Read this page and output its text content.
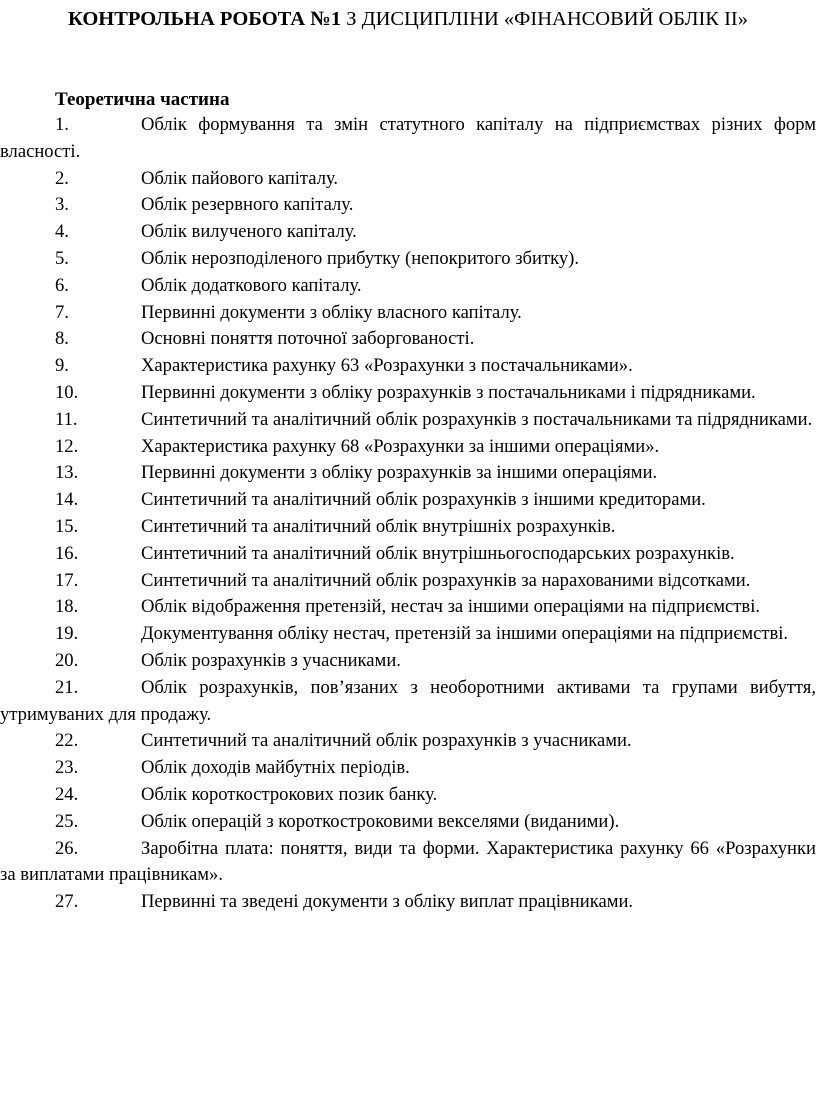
КОНТРОЛЬНА РОБОТА №1 З ДИСЦИПЛІНИ «ФІНАНСОВИЙ ОБЛІК ІІ»
Теоретична частина
1.	Облік формування та змін статутного капіталу на підприємствах різних форм власності.
2.	Облік пайового капіталу.
3.	Облік резервного капіталу.
4.	Облік вилученого капіталу.
5.	Облік нерозподіленого прибутку (непокритого збитку).
6.	Облік додаткового капіталу.
7.	Первинні документи з обліку власного капіталу.
8.	Основні поняття поточної заборгованості.
9.	Характеристика рахунку 63 «Розрахунки з постачальниками».
10.	Первинні документи з обліку розрахунків з постачальниками і підрядниками.
11.	Синтетичний та аналітичний облік розрахунків з постачальниками та підрядниками.
12.	Характеристика рахунку 68 «Розрахунки за іншими операціями».
13.	Первинні документи з обліку розрахунків за іншими операціями.
14.	Синтетичний та аналітичний облік розрахунків з іншими кредиторами.
15.	Синтетичний та аналітичний облік внутрішніх розрахунків.
16.	Синтетичний та аналітичний облік внутрішньогосподарських розрахунків.
17.	Синтетичний та аналітичний облік розрахунків за нарахованими відсотками.
18.	Облік відображення претензій, нестач за іншими операціями на підприємстві.
19.	Документування обліку нестач, претензій за іншими операціями на підприємстві.
20.	Облік розрахунків з учасниками.
21.	Облік розрахунків, пов’язаних з необоротними активами та групами вибуття, утримуваних для продажу.
22.	Синтетичний та аналітичний облік розрахунків з учасниками.
23.	Облік доходів майбутніх періодів.
24.	Облік короткострокових позик банку.
25.	Облік операцій з короткостроковими векселями (виданими).
26.	Заробітна плата: поняття, види та форми. Характеристика рахунку 66 «Розрахунки за виплатами працівникам».
27.	Первинні та зведені документи з обліку виплат працівниками.
